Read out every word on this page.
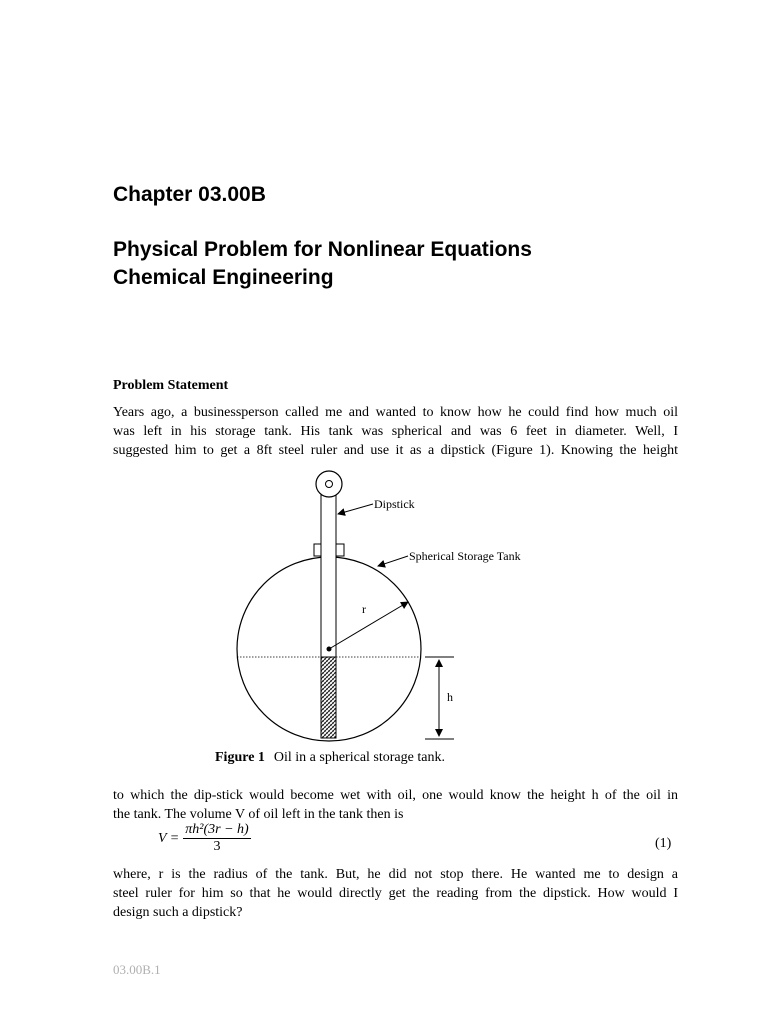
Chapter 03.00B
Physical Problem for Nonlinear Equations
Chemical Engineering

Problem Statement

Years ago, a businessperson called me and wanted to know how he could find how much oil
was left in his storage tank. His tank was spherical and was 6 feet in diameter. Well, I
suggested him to get a 8ft steel ruler and use it as a dipstick (Figure 1). Knowing the height

r
Dipstick
Spherical Storage Tank
h

Figure 1 Oil in a spherical storage tank.

to which the dip-stick would become wet with oil, one would know the height h of the oil in
the tank. The volume V of oil left in the tank then is

V =	πh²(3r − h)
3	(1)

where, r is the radius of the tank. But, he did not stop there. He wanted me to design a
steel ruler for him so that he would directly get the reading from the dipstick. How would I
design such a dipstick?

03.00B.1
